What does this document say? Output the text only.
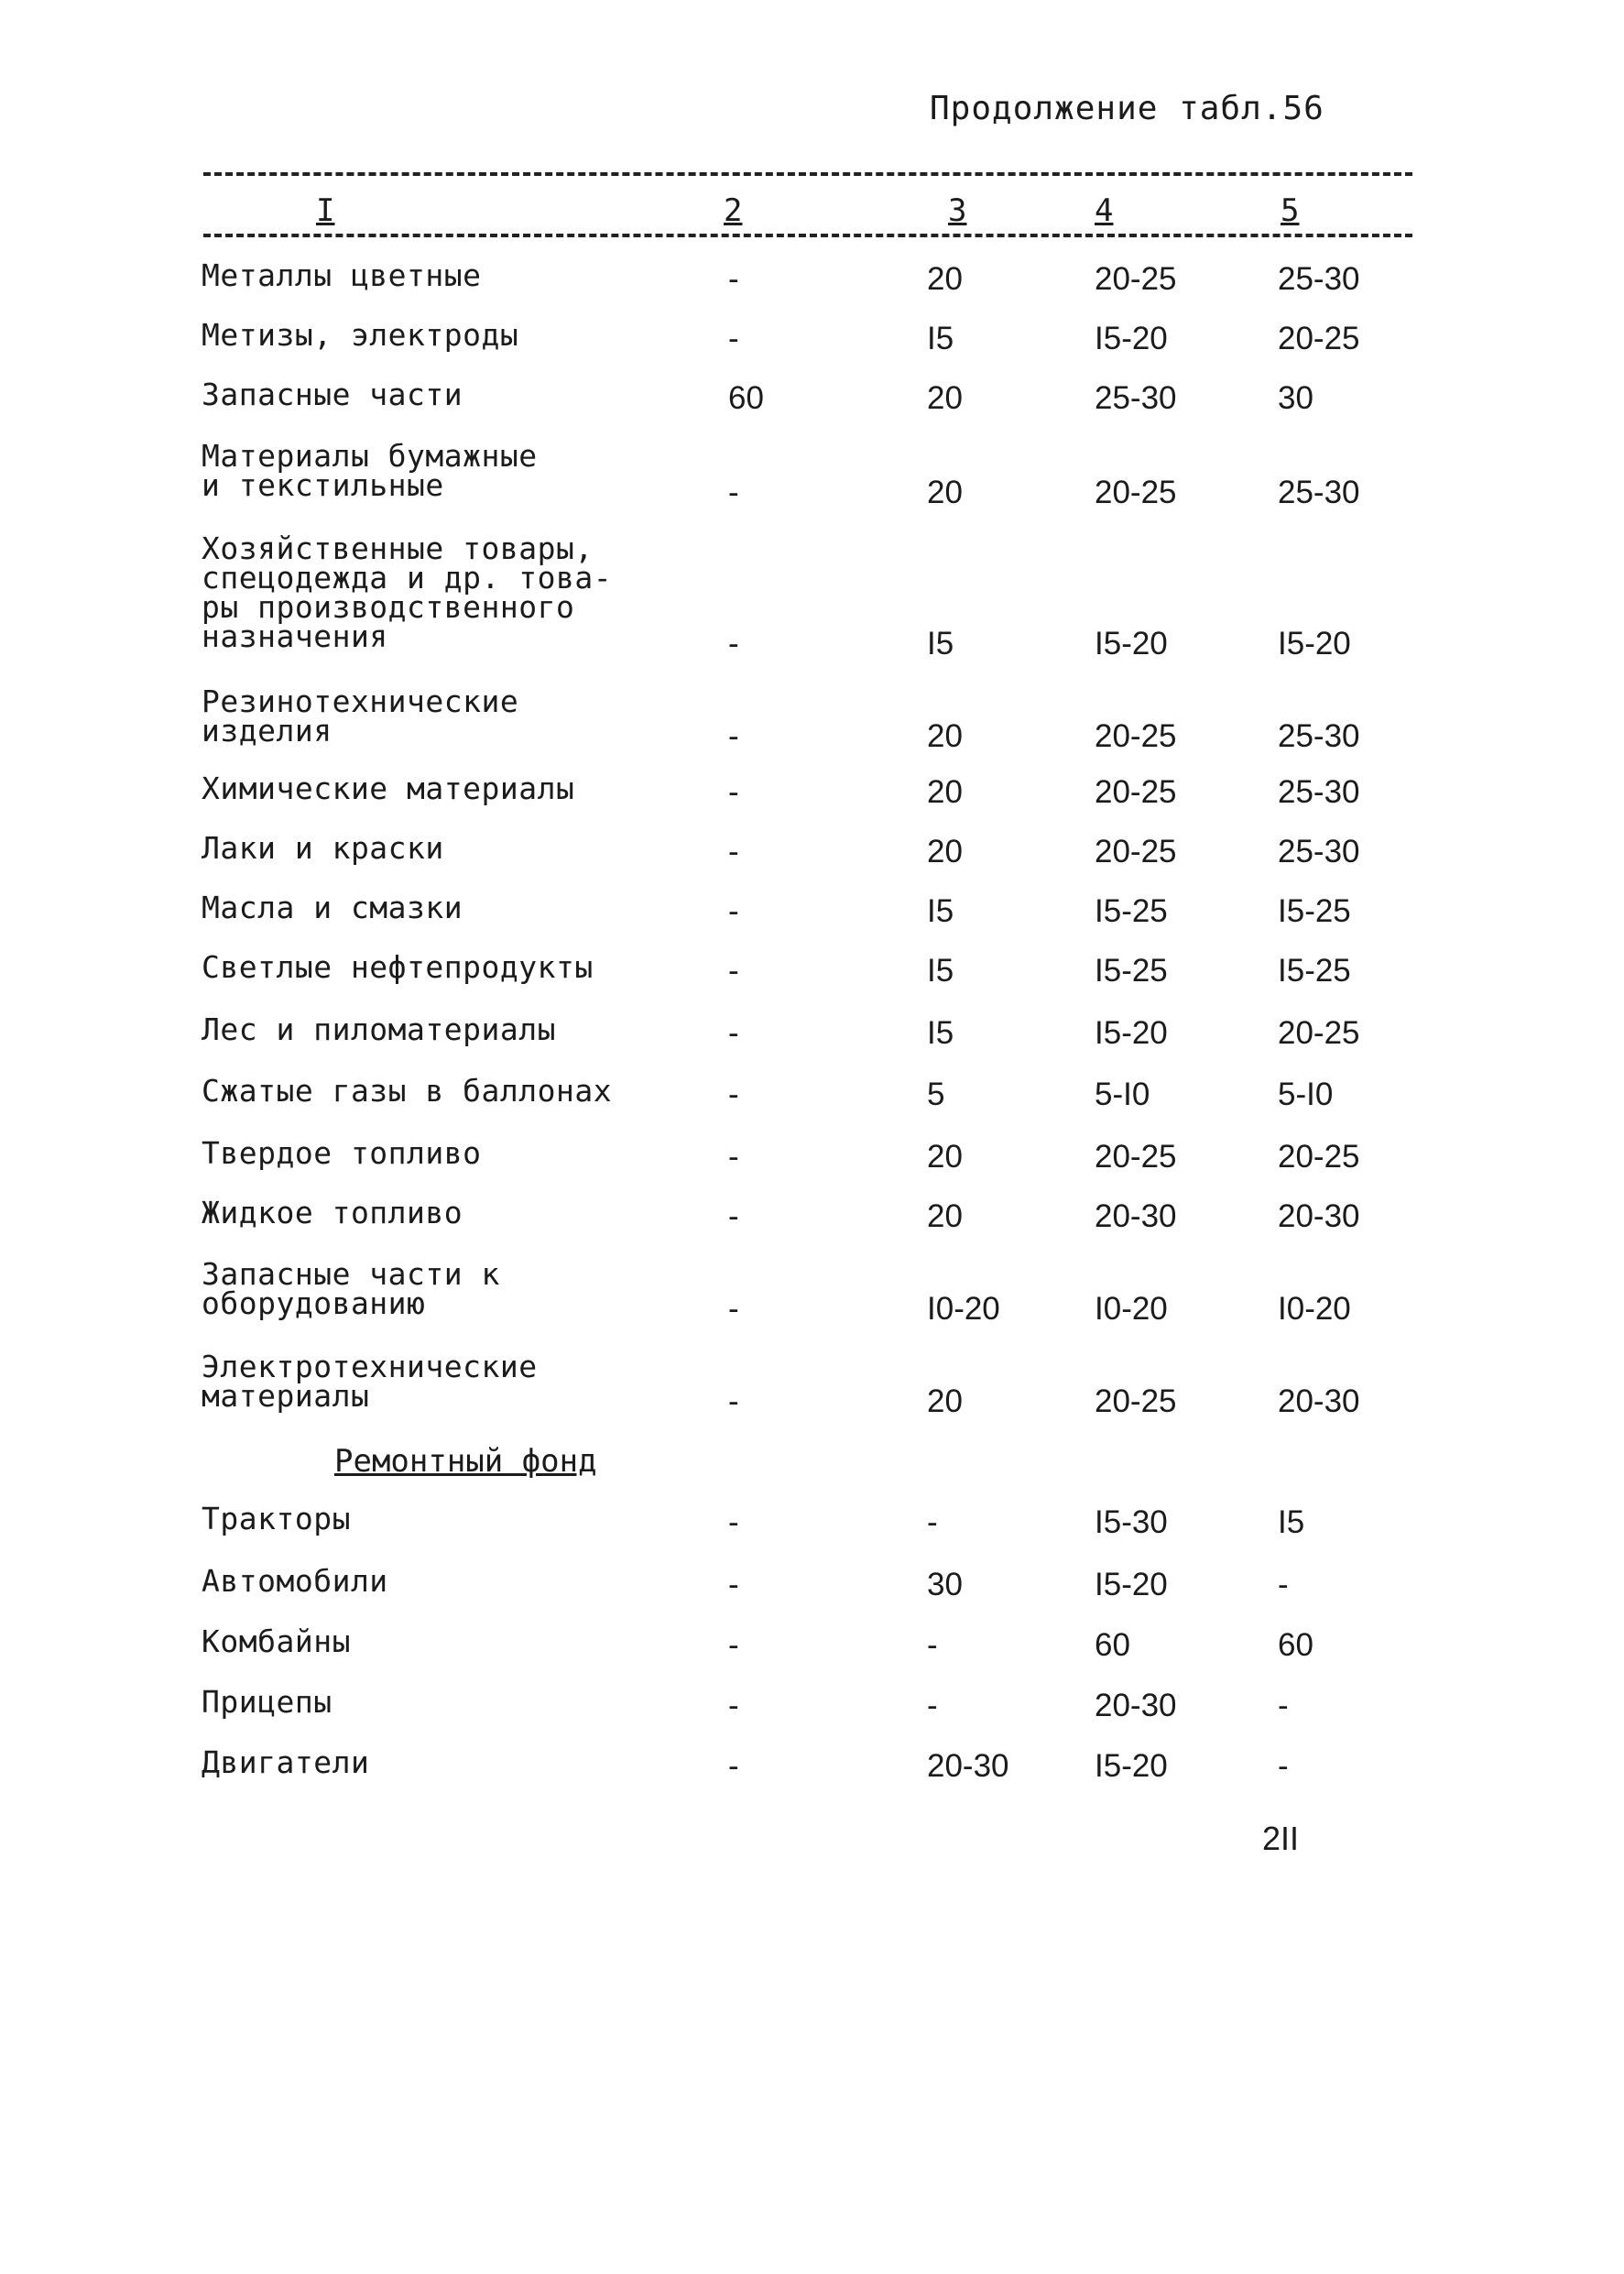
Продолжение табл.56
I	2	3	4	5
Металлы цветные	-	20	20-25	25-30
Метизы, электроды	-	I5	I5-20	20-25
Запасные части	60	20	25-30	30
Материалы бумажные
и текстильные	-	20	20-25	25-30
Хозяйственные товары,
спецодежда и др. това-
ры производственного
назначения	-	I5	I5-20	I5-20
Резинотехнические
изделия	-	20	20-25	25-30
Химические материалы	-	20	20-25	25-30
Лаки и краски	-	20	20-25	25-30
Масла и смазки	-	I5	I5-25	I5-25
Светлые нефтепродукты	-	I5	I5-25	I5-25
Лес и пиломатериалы	-	I5	I5-20	20-25
Сжатые газы в баллонах	-	5	5-I0	5-I0
Твердое топливо	-	20	20-25	20-25
Жидкое топливо	-	20	20-30	20-30
Запасные части к
оборудованию	-	I0-20	I0-20	I0-20
Электротехнические
материалы	-	20	20-25	20-30
Ремонтный фонд
Тракторы	-	-	I5-30	I5
Автомобили	-	30	I5-20	-
Комбайны	-	-	60	60
Прицепы	-	-	20-30	-
Двигатели	-	20-30	I5-20	-
2II
